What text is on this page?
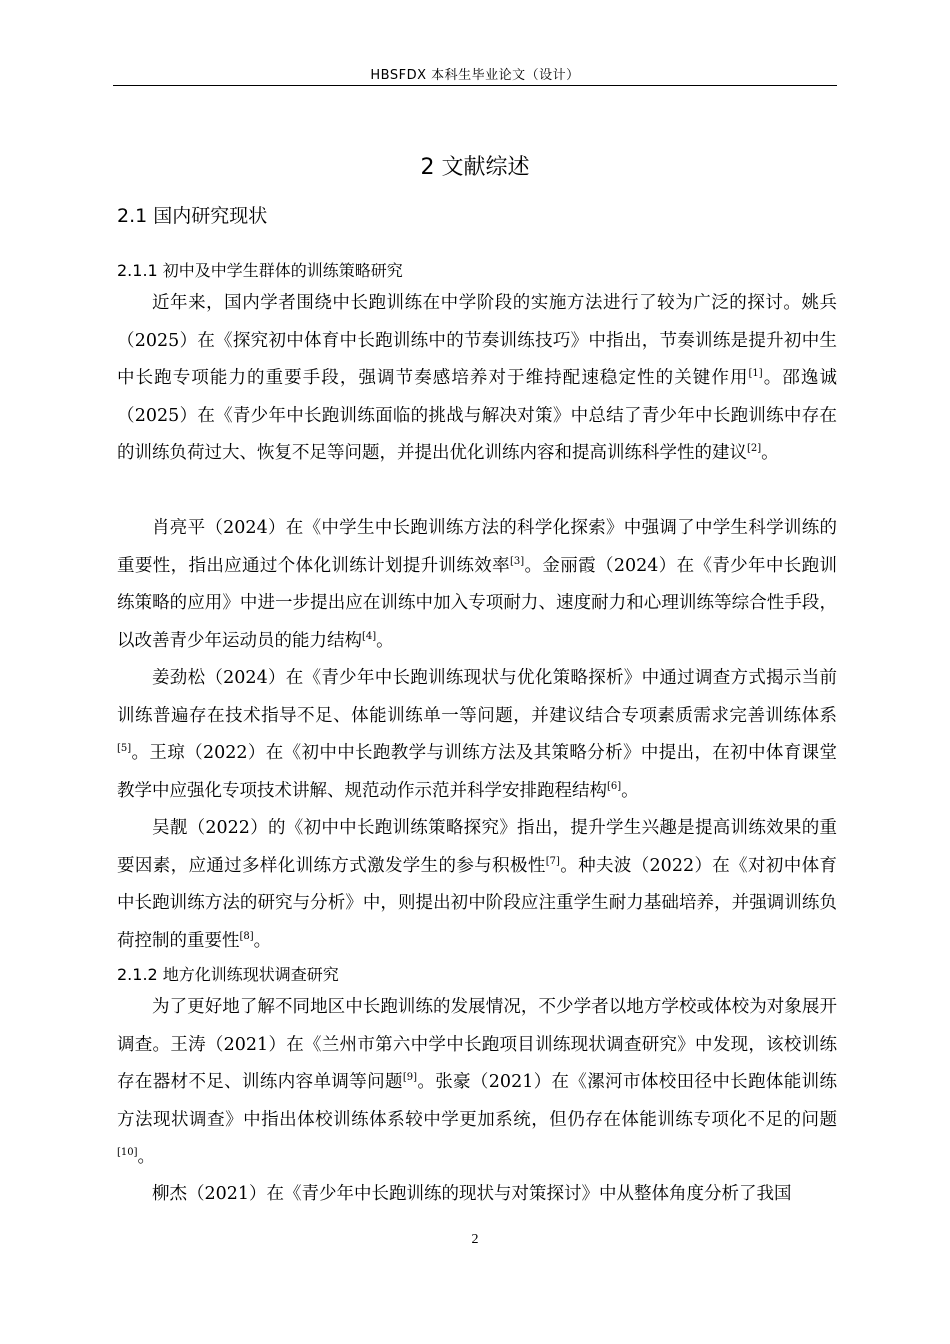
HBSFDX 本科生毕业论文（设计）
2 文献综述
2.1 国内研究现状
2.1.1 初中及中学生群体的训练策略研究
近年来，国内学者围绕中长跑训练在中学阶段的实施方法进行了较为广泛的探讨。姚兵（2025）在《探究初中体育中长跑训练中的节奏训练技巧》中指出，节奏训练是提升初中生中长跑专项能力的重要手段，强调节奏感培养对于维持配速稳定性的关键作用[1]。邵逸诚（2025）在《青少年中长跑训练面临的挑战与解决对策》中总结了青少年中长跑训练中存在的训练负荷过大、恢复不足等问题，并提出优化训练内容和提高训练科学性的建议[2]。
肖亮平（2024）在《中学生中长跑训练方法的科学化探索》中强调了中学生科学训练的重要性，指出应通过个体化训练计划提升训练效率[3]。金丽霞（2024）在《青少年中长跑训练策略的应用》中进一步提出应在训练中加入专项耐力、速度耐力和心理训练等综合性手段，以改善青少年运动员的能力结构[4]。
姜劲松（2024）在《青少年中长跑训练现状与优化策略探析》中通过调查方式揭示当前训练普遍存在技术指导不足、体能训练单一等问题，并建议结合专项素质需求完善训练体系[5]。王琼（2022）在《初中中长跑教学与训练方法及其策略分析》中提出，在初中体育课堂教学中应强化专项技术讲解、规范动作示范并科学安排跑程结构[6]。
吴靓（2022）的《初中中长跑训练策略探究》指出，提升学生兴趣是提高训练效果的重要因素，应通过多样化训练方式激发学生的参与积极性[7]。种夫波（2022）在《对初中体育中长跑训练方法的研究与分析》中，则提出初中阶段应注重学生耐力基础培养，并强调训练负荷控制的重要性[8]。
2.1.2 地方化训练现状调查研究
为了更好地了解不同地区中长跑训练的发展情况，不少学者以地方学校或体校为对象展开调查。王涛（2021）在《兰州市第六中学中长跑项目训练现状调查研究》中发现，该校训练存在器材不足、训练内容单调等问题[9]。张豪（2021）在《漯河市体校田径中长跑体能训练方法现状调查》中指出体校训练体系较中学更加系统，但仍存在体能训练专项化不足的问题[10]。
柳杰（2021）在《青少年中长跑训练的现状与对策探讨》中从整体角度分析了我国
2
